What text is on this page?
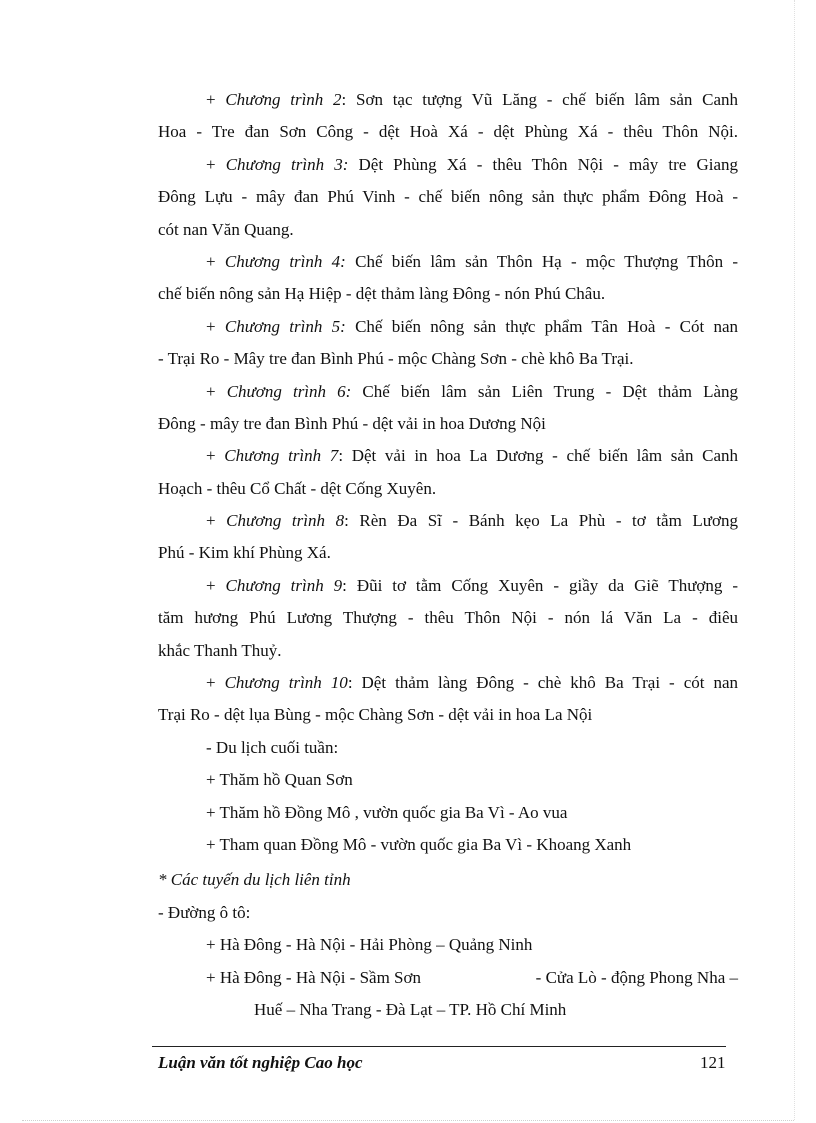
+ Chương trình 2: Sơn tạc tượng Vũ Lăng - chế biến lâm sản Canh
Hoa - Tre đan Sơn Công - dệt Hoà Xá - dệt Phùng Xá - thêu Thôn Nội.
+ Chương trình 3: Dệt Phùng Xá - thêu Thôn Nội - mây tre Giang
Đông Lựu - mây đan Phú Vinh - chế biến nông sản thực phẩm Đông Hoà -
cót nan Văn Quang.
+ Chương trình 4: Chế biến lâm sản Thôn Hạ - mộc Thượng Thôn -
chế biến nông sản Hạ Hiệp - dệt thảm làng Đông - nón Phú Châu.
+ Chương trình 5: Chế biến nông sản thực phẩm Tân Hoà - Cót nan
- Trại Ro - Mây tre đan Bình Phú - mộc Chàng Sơn - chè khô Ba Trại.
+ Chương trình 6: Chế biến lâm sản Liên Trung - Dệt thảm Làng
Đông - mây tre đan Bình Phú - dệt vải in hoa Dương Nội
+ Chương trình 7: Dệt vải in hoa La Dương - chế biến lâm sản Canh
Hoạch - thêu Cổ Chất - dệt Cống Xuyên.
+ Chương trình 8: Rèn Đa Sĩ - Bánh kẹo La Phù - tơ tằm Lương
Phú - Kim khí Phùng Xá.
+ Chương trình 9: Đũi tơ tằm Cống Xuyên - giầy da Giẽ Thượng -
tăm hương Phú Lương Thượng - thêu Thôn Nội - nón lá Văn La - điêu
khắc Thanh Thuỷ.
+ Chương trình 10: Dệt thảm làng Đông - chè khô Ba Trại - cót nan
Trại Ro - dệt lụa Bùng - mộc Chàng Sơn - dệt vải in hoa La Nội
- Du lịch cuối tuần:
+ Thăm hồ Quan Sơn
+ Thăm hồ Đồng Mô , vườn quốc gia Ba Vì - Ao vua
+ Tham quan Đồng Mô - vườn quốc gia Ba Vì - Khoang Xanh
* Các tuyến du lịch liên tỉnh
- Đường ô tô:
+ Hà Đông - Hà Nội - Hải Phòng – Quảng Ninh
+ Hà Đông - Hà Nội - Sầm Sơn	- Cửa Lò - động Phong Nha –
Huế – Nha Trang - Đà Lạt – TP. Hồ Chí Minh
Luận văn tốt nghiệp Cao học	121
